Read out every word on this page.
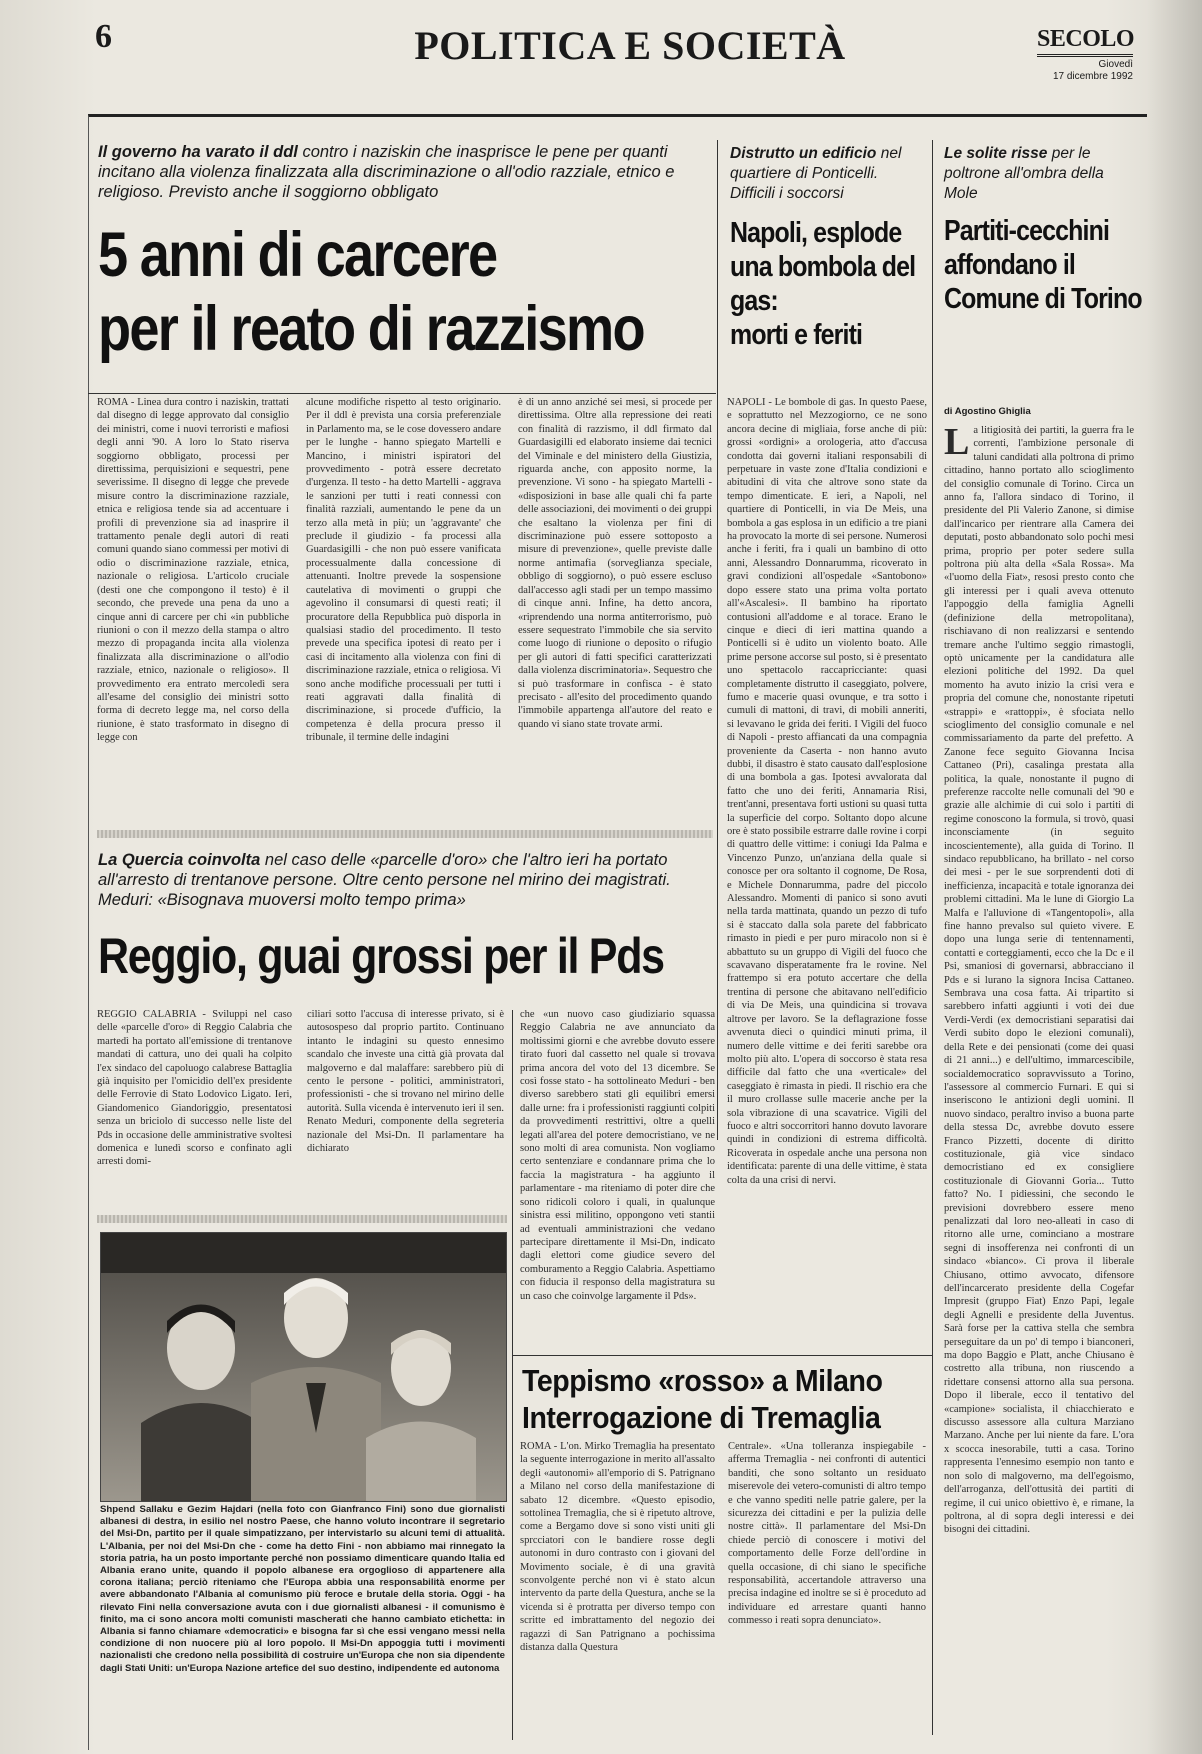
6	POLITICA E SOCIETÀ	SECOLO
Giovedì
17 dicembre 1992

Il governo ha varato il ddl contro i naziskin che inasprisce le pene per quanti incitano alla violenza finalizzata alla discriminazione o all'odio razziale, etnico e religioso. Previsto anche il soggiorno obbligato

5 anni di carcere
per il reato di razzismo

ROMA - Linea dura contro i naziskin, trattati dal disegno di legge approvato dal consiglio dei ministri, come i nuovi terroristi e mafiosi degli anni '90. A loro lo Stato riserva soggiorno obbligato, processi per direttissima, perquisizioni e sequestri, pene severissime. Il disegno di legge che prevede misure contro la discriminazione razziale, etnica e religiosa tende sia ad accentuare i profili di prevenzione sia ad inasprire il trattamento penale degli autori di reati comuni quando siano commessi per motivi di odio o discriminazione razziale, etnica, nazionale o religiosa. L'articolo cruciale (desti one che compongono il testo) è il secondo, che prevede una pena da uno a cinque anni di carcere per chi «in pubbliche riunioni o con il mezzo della stampa o altro mezzo di propaganda incita alla violenza finalizzata alla discriminazione o all'odio razziale, etnico, nazionale o religioso». Il provvedimento era entrato mercoledì sera all'esame del consiglio dei ministri sotto forma di decreto legge ma, nel corso della riunione, è stato trasformato in disegno di legge con

alcune modifiche rispetto al testo originario. Per il ddl è prevista una corsia preferenziale in Parlamento ma, se le cose dovessero andare per le lunghe - hanno spiegato Martelli e Mancino, i ministri ispiratori del provvedimento - potrà essere decretato d'urgenza. Il testo - ha detto Martelli - aggrava le sanzioni per tutti i reati connessi con finalità razziali, aumentando le pene da un terzo alla metà in più; un 'aggravante' che preclude il giudizio - fa processi alla Guardasigilli - che non può essere vanificata processualmente dalla concessione di attenuanti. Inoltre prevede la sospensione cautelativa di movimenti o gruppi che agevolino il consumarsi di questi reati; il procuratore della Repubblica può disporla in qualsiasi stadio del procedimento. Il testo prevede una specifica ipotesi di reato per i casi di incitamento alla violenza con fini di discriminazione razziale, etnica o religiosa. Vi sono anche modifiche processuali per tutti i reati aggravati dalla finalità di discriminazione, si procede d'ufficio, la competenza è della procura presso il tribunale, il termine delle indagini

è di un anno anziché sei mesi, si procede per direttissima. Oltre alla repressione dei reati con finalità di razzismo, il ddl firmato dal Guardasigilli ed elaborato insieme dai tecnici del Viminale e del ministero della Giustizia, riguarda anche, con apposito norme, la prevenzione. Vi sono - ha spiegato Martelli - «disposizioni in base alle quali chi fa parte delle associazioni, dei movimenti o dei gruppi che esaltano la violenza per fini di discriminazione può essere sottoposto a misure di prevenzione», quelle previste dalle norme antimafia (sorveglianza speciale, obbligo di soggiorno), o può essere escluso dall'accesso agli stadi per un tempo massimo di cinque anni. Infine, ha detto ancora, «riprendendo una norma antiterrorismo, può essere sequestrato l'immobile che sia servito come luogo di riunione o deposito o rifugio per gli autori di fatti specifici caratterizzati dalla violenza discriminatoria». Sequestro che si può trasformare in confisca - è stato precisato - all'esito del procedimento quando l'immobile appartenga all'autore del reato e quando vi siano state trovate armi.

Distrutto un edificio nel quartiere di Ponticelli. Difficili i soccorsi

Napoli, esplode una bombola del gas:
morti e feriti

NAPOLI - Le bombole di gas. In questo Paese, e soprattutto nel Mezzogiorno, ce ne sono ancora decine di migliaia, forse anche di più: grossi «ordigni» a orologeria, atto d'accusa condotta dai governi italiani responsabili di perpetuare in vaste zone d'Italia condizioni e abitudini di vita che altrove sono state da tempo dimenticate. E ieri, a Napoli, nel quartiere di Ponticelli, in via De Meis, una bombola a gas esplosa in un edificio a tre piani ha provocato la morte di sei persone. Numerosi anche i feriti, fra i quali un bambino di otto anni, Alessandro Donnarumma, ricoverato in gravi condizioni all'ospedale «Santobono» dopo essere stato una prima volta portato all'«Ascalesi». Il bambino ha riportato contusioni all'addome e al torace. Erano le cinque e dieci di ieri mattina quando a Ponticelli si è udito un violento boato. Alle prime persone accorse sul posto, si è presentato uno spettacolo raccapricciante: quasi completamente distrutto il caseggiato, polvere, fumo e macerie quasi ovunque, e tra sotto i cumuli di mattoni, di travi, di mobili anneriti, si levavano le grida dei feriti. I Vigili del fuoco di Napoli - presto affiancati da una compagnia proveniente da Caserta - non hanno avuto dubbi, il disastro è stato causato dall'esplosione di una bombola a gas. Ipotesi avvalorata dal fatto che uno dei feriti, Annamaria Risi, trent'anni, presentava forti ustioni su quasi tutta la superficie del corpo. Soltanto dopo alcune ore è stato possibile estrarre dalle rovine i corpi di quattro delle vittime: i coniugi Ida Palma e Vincenzo Punzo, un'anziana della quale si conosce per ora soltanto il cognome, De Rosa, e Michele Donnarumma, padre del piccolo Alessandro. Momenti di panico si sono avuti nella tarda mattinata, quando un pezzo di tufo si è staccato dalla sola parete del fabbricato rimasto in piedi e per puro miracolo non si è abbattuto su un gruppo di Vigili del fuoco che scavavano disperatamente fra le rovine. Nel frattempo si era potuto accertare che della trentina di persone che abitavano nell'edificio di via De Meis, una quindicina si trovava altrove per lavoro. Se la deflagrazione fosse avvenuta dieci o quindici minuti prima, il numero delle vittime e dei feriti sarebbe ora molto più alto. L'opera di soccorso è stata resa difficile dal fatto che una «verticale» del caseggiato è rimasta in piedi. Il rischio era che il muro crollasse sulle macerie anche per la sola vibrazione di una scavatrice. Vigili del fuoco e altri soccorritori hanno dovuto lavorare quindi in condizioni di estrema difficoltà. Ricoverata in ospedale anche una persona non identificata: parente di una delle vittime, è stata colta da una crisi di nervi.

Le solite risse per le poltrone all'ombra della Mole

Partiti-cecchini affondano il Comune di Torino

di Agostino Ghiglia

La litigiosità dei partiti, la guerra fra le correnti, l'ambizione personale di taluni candidati alla poltrona di primo cittadino, hanno portato allo scioglimento del consiglio comunale di Torino. Circa un anno fa, l'allora sindaco di Torino, il presidente del Pli Valerio Zanone, si dimise dall'incarico per rientrare alla Camera dei deputati, posto abbandonato solo pochi mesi prima, proprio per poter sedere sulla poltrona più alta della «Sala Rossa». Ma «l'uomo della Fiat», resosi presto conto che gli interessi per i quali aveva ottenuto l'appoggio della famiglia Agnelli (definizione della metropolitana), rischiavano di non realizzarsi e sentendo tremare anche l'ultimo seggio rimastogli, optò unicamente per la candidatura alle elezioni politiche del 1992. Da quel momento ha avuto inizio la crisi vera e propria del comune che, nonostante ripetuti «strappi» e «rattoppi», è sfociata nello scioglimento del consiglio comunale e nel commissariamento da parte del prefetto. A Zanone fece seguito Giovanna Incisa Cattaneo (Pri), casalinga prestata alla politica, la quale, nonostante il pugno di preferenze raccolte nelle comunali del '90 e grazie alle alchimie di cui solo i partiti di regime conoscono la formula, si trovò, quasi inconsciamente (in seguito incoscientemente), alla guida di Torino. Il sindaco repubblicano, ha brillato - nel corso dei mesi - per le sue sorprendenti doti di inefficienza, incapacità e totale ignoranza dei problemi cittadini. Ma le lune di Giorgio La Malfa e l'alluvione di «Tangentopoli», alla fine hanno prevalso sul quieto vivere. E dopo una lunga serie di tentennamenti, contatti e corteggiamenti, ecco che la Dc e il Psi, smaniosi di governarsi, abbracciano il Pds e si lurano la signora Incisa Cattaneo. Sembrava una cosa fatta. Ai tripartito si sarebbero infatti aggiunti i voti dei due Verdi-Verdi (ex democristiani separatisi dai Verdi subito dopo le elezioni comunali), della Rete e dei pensionati (come dei quasi di 21 anni...) e dell'ultimo, immarcescibile, socialdemocratico sopravvissuto a Torino, l'assessore al commercio Furnari. E qui si inseriscono le antizioni degli uomini. Il nuovo sindaco, peraltro inviso a buona parte della stessa Dc, avrebbe dovuto essere Franco Pizzetti, docente di diritto costituzionale, già vice sindaco democristiano ed ex consigliere costituzionale di Giovanni Goria... Tutto fatto? No. I pidiessini, che secondo le previsioni dovrebbero essere meno penalizzati dal loro neo-alleati in caso di ritorno alle urne, cominciano a mostrare segni di insofferenza nei confronti di un sindaco «bianco». Ci prova il liberale Chiusano, ottimo avvocato, difensore dell'incarcerato presidente della Cogefar Impresit (gruppo Fiat) Enzo Papi, legale degli Agnelli e presidente della Juventus. Sarà forse per la cattiva stella che sembra perseguitare da un po' di tempo i bianconeri, ma dopo Baggio e Platt, anche Chiusano è costretto alla tribuna, non riuscendo a ridettare consensi attorno alla sua persona. Dopo il liberale, ecco il tentativo del «campione» socialista, il chiacchierato e discusso assessore alla cultura Marziano Marzano. Anche per lui niente da fare. L'ora x scocca inesorabile, tutti a casa. Torino rappresenta l'ennesimo esempio non tanto e non solo di malgoverno, ma dell'egoismo, dell'arroganza, dell'ottusità dei partiti di regime, il cui unico obiettivo è, e rimane, la poltrona, al di sopra degli interessi e dei bisogni dei cittadini.

La Quercia coinvolta nel caso delle «parcelle d'oro» che l'altro ieri ha portato all'arresto di trentanove persone. Oltre cento persone nel mirino dei magistrati. Meduri: «Bisognava muoversi molto tempo prima»

Reggio, guai grossi per il Pds

REGGIO CALABRIA - Sviluppi nel caso delle «parcelle d'oro» di Reggio Calabria che martedì ha portato all'emissione di trentanove mandati di cattura, uno dei quali ha colpito l'ex sindaco del capoluogo calabrese Battaglia già inquisito per l'omicidio dell'ex presidente delle Ferrovie di Stato Lodovico Ligato. Ieri, Giandomenico Giandoriggio, presentatosi senza un briciolo di successo nelle liste del Pds in occasione delle amministrative svoltesi domenica e lunedì scorso e confinato agli arresti domi-

ciliari sotto l'accusa di interesse privato, si è autosospeso dal proprio partito. Continuano intanto le indagini su questo ennesimo scandalo che investe una città già provata dal malgoverno e dal malaffare: sarebbero più di cento le persone - politici, amministratori, professionisti - che si trovano nel mirino delle autorità. Sulla vicenda è intervenuto ieri il sen. Renato Meduri, componente della segreteria nazionale del Msi-Dn. Il parlamentare ha dichiarato

che «un nuovo caso giudiziario squassa Reggio Calabria ne ave annunciato da moltissimi giorni e che avrebbe dovuto essere tirato fuori dal cassetto nel quale si trovava prima ancora del voto del 13 dicembre. Se così fosse stato - ha sottolineato Meduri - ben diverso sarebbero stati gli equilibri emersi dalle urne: fra i professionisti raggiunti colpiti da provvedimenti restrittivi, oltre a quelli legati all'area del potere democristiano, ve ne sono molti di area comunista. Non vogliamo certo sentenziare e condannare prima che lo faccia la magistratura - ha aggiunto il parlamentare - ma riteniamo di poter dire che sono ridicoli coloro i quali, in qualunque sinistra essi militino, oppongono veti stantii ad eventuali amministrazioni che vedano partecipare direttamente il Msi-Dn, indicato dagli elettori come giudice severo del comburamento a Reggio Calabria. Aspettiamo con fiducia il responso della magistratura su un caso che coinvolge largamente il Pds».

Shpend Sallaku e Gezim Hajdari (nella foto con Gianfranco Fini) sono due giornalisti albanesi di destra, in esilio nel nostro Paese, che hanno voluto incontrare il segretario del Msi-Dn, partito per il quale simpatizzano, per intervistarlo su alcuni temi di attualità. L'Albania, per noi del Msi-Dn che - come ha detto Fini - non abbiamo mai rinnegato la storia patria, ha un posto importante perché non possiamo dimenticare quando Italia ed Albania erano unite, quando il popolo albanese era orgoglioso di appartenere alla corona italiana; perciò riteniamo che l'Europa abbia una responsabilità enorme per avere abbandonato l'Albania al comunismo più feroce e brutale della storia. Oggi - ha rilevato Fini nella conversazione avuta con i due giornalisti albanesi - il comunismo è finito, ma ci sono ancora molti comunisti mascherati che hanno cambiato etichetta: in Albania si fanno chiamare «democratici» e bisogna far sì che essi vengano messi nella condizione di non nuocere più al loro popolo. Il Msi-Dn appoggia tutti i movimenti nazionalisti che credono nella possibilità di costruire un'Europa che non sia dipendente dagli Stati Uniti: un'Europa Nazione artefice del suo destino, indipendente ed autonoma

Teppismo «rosso» a Milano
Interrogazione di Tremaglia

ROMA - L'on. Mirko Tremaglia ha presentato la seguente interrogazione in merito all'assalto degli «autonomi» all'emporio di S. Patrignano a Milano nel corso della manifestazione di sabato 12 dicembre. «Questo episodio, sottolinea Tremaglia, che si è ripetuto altrove, come a Bergamo dove si sono visti uniti gli sprcciatori con le bandiere rosse degli autonomi in duro contrasto con i giovani del Movimento sociale, è di una gravità sconvolgente perché non vi è stato alcun intervento da parte della Questura, anche se la vicenda si è protratta per diverso tempo con scritte ed imbrattamento del negozio dei ragazzi di San Patrignano a pochissima distanza dalla Questura

Centrale». «Una tolleranza inspiegabile - afferma Tremaglia - nei confronti di autentici banditi, che sono soltanto un residuato miserevole dei vetero-comunisti di altro tempo e che vanno spediti nelle patrie galere, per la sicurezza dei cittadini e per la pulizia delle nostre città». Il parlamentare del Msi-Dn chiede perciò di conoscere i motivi del comportamento delle Forze dell'ordine in quella occasione, di chi siano le specifiche responsabilità, accertandole attraverso una precisa indagine ed inoltre se si è proceduto ad individuare ed arrestare quanti hanno commesso i reati sopra denunciato».
